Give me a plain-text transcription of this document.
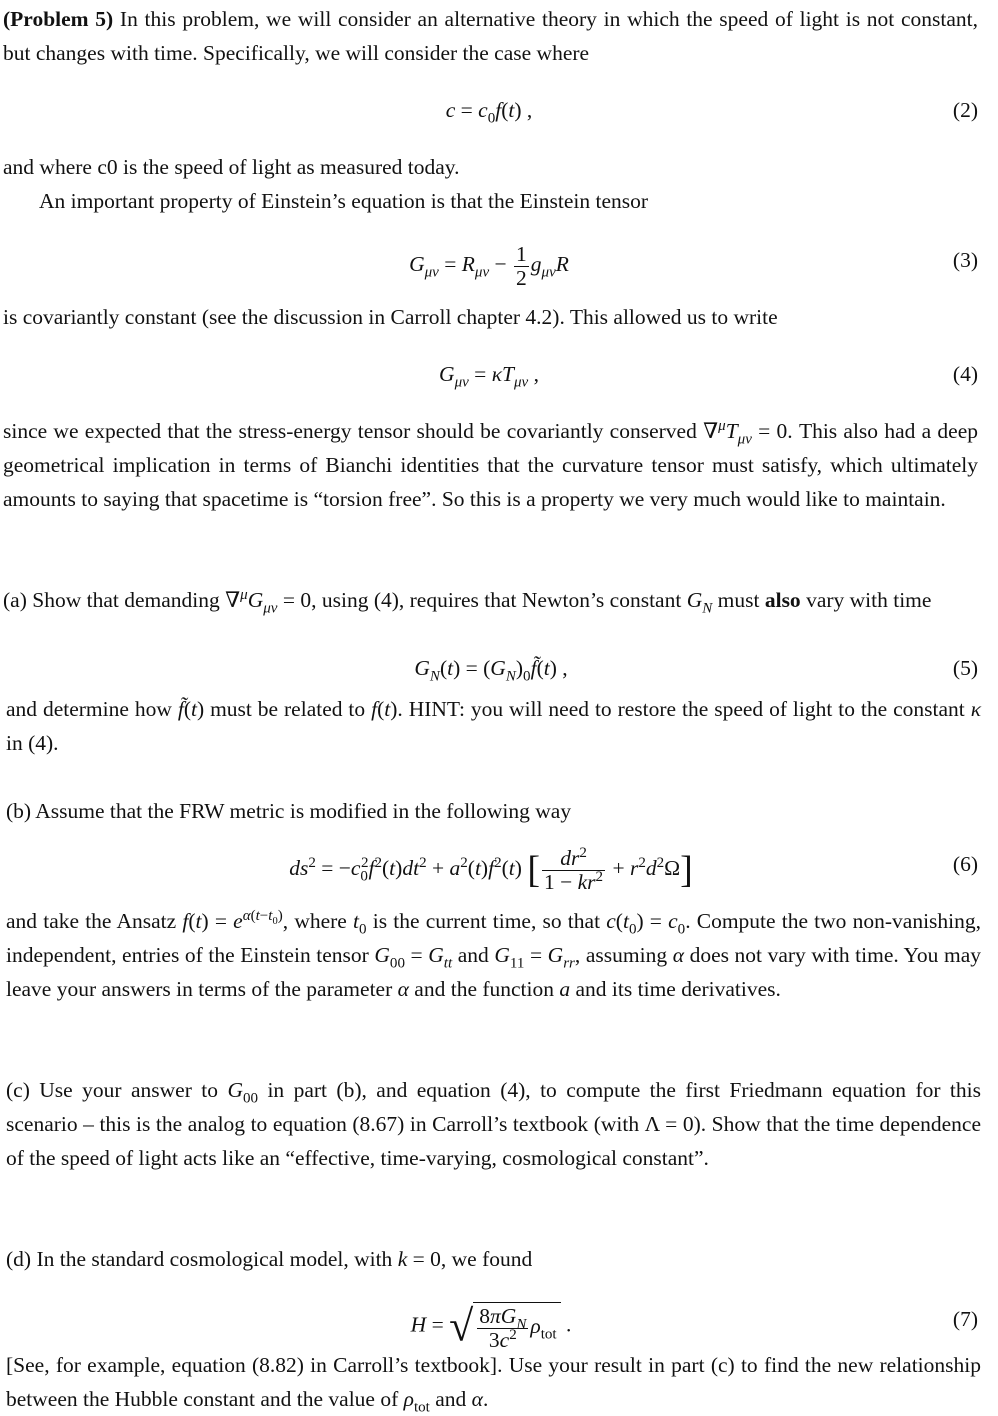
(Problem 5) In this problem, we will consider an alternative theory in which the speed of light is not constant, but changes with time. Specifically, we will consider the case where
$c = c_0f(t)$ ,	(2)
and where c0 is the speed of light as measured today.
An important property of Einstein’s equation is that the Einstein tensor
$G_{\mu\nu} = R_{\mu\nu} - \frac{1}{2} g_{\mu\nu}R$	(3)
is covariantly constant (see the discussion in Carroll chapter 4.2). This allowed us to write
$G_{\mu\nu} = \kappa T_{\mu\nu}$ ,	(4)
since we expected that the stress-energy tensor should be covariantly conserved $\nabla^\mu T_{\mu\nu} = 0$. This also had a deep geometrical implication in terms of Bianchi identities that the curvature tensor must satisfy, which ultimately amounts to saying that spacetime is “torsion free”. So this is a property we very much would like to maintain.
(a) Show that demanding $\nabla^\mu G_{\mu\nu} = 0$, using (4), requires that Newton’s constant $G_N$ must also vary with time
$G_N(t)$ = $(G_N)_0f̃(t)$ ,	(5)
and determine how f̃(t) must be related to f(t). HINT: you will need to restore the speed of light to the constant κ in (4).
(b) Assume that the FRW metric is modified in the following way
$ds^2 = -c_0^2f^2(t)dt^2 + a^2(t)f^2(t)$ [ $\frac{dr^2}{1 - kr^2} + r^2d^2\Omega$]	(6)
and take the Ansatz $f(t) = e^{\alpha(t-t_0)}$, where $t_0$ is the current time, so that $c(t_0) = c_0$. Compute the two non-vanishing, independent, entries of the Einstein tensor $G_{00} = G_{tt}$ and $G_{11} = G_{rr}$, assuming α does not vary with time. You may leave your answers in terms of the parameter α and the function a and its time derivatives.
(c) Use your answer to $G_{00}$ in part (b), and equation (4), to compute the first Friedmann equation for this scenario – this is the analog to equation (8.67) in Carroll’s textbook (with Λ = 0). Show that the time dependence of the speed of light acts like an “effective, time-varying, cosmological constant”.
(d) In the standard cosmological model, with k = 0, we found
H = √ $\frac{8\pi G_N}{3c^2} \rho_{tot}$ .	(7)
[See, for example, equation (8.82) in Carroll’s textbook]. Use your result in part (c) to find the new relationship between the Hubble constant and the value of $\rho_{tot}$ and α.
